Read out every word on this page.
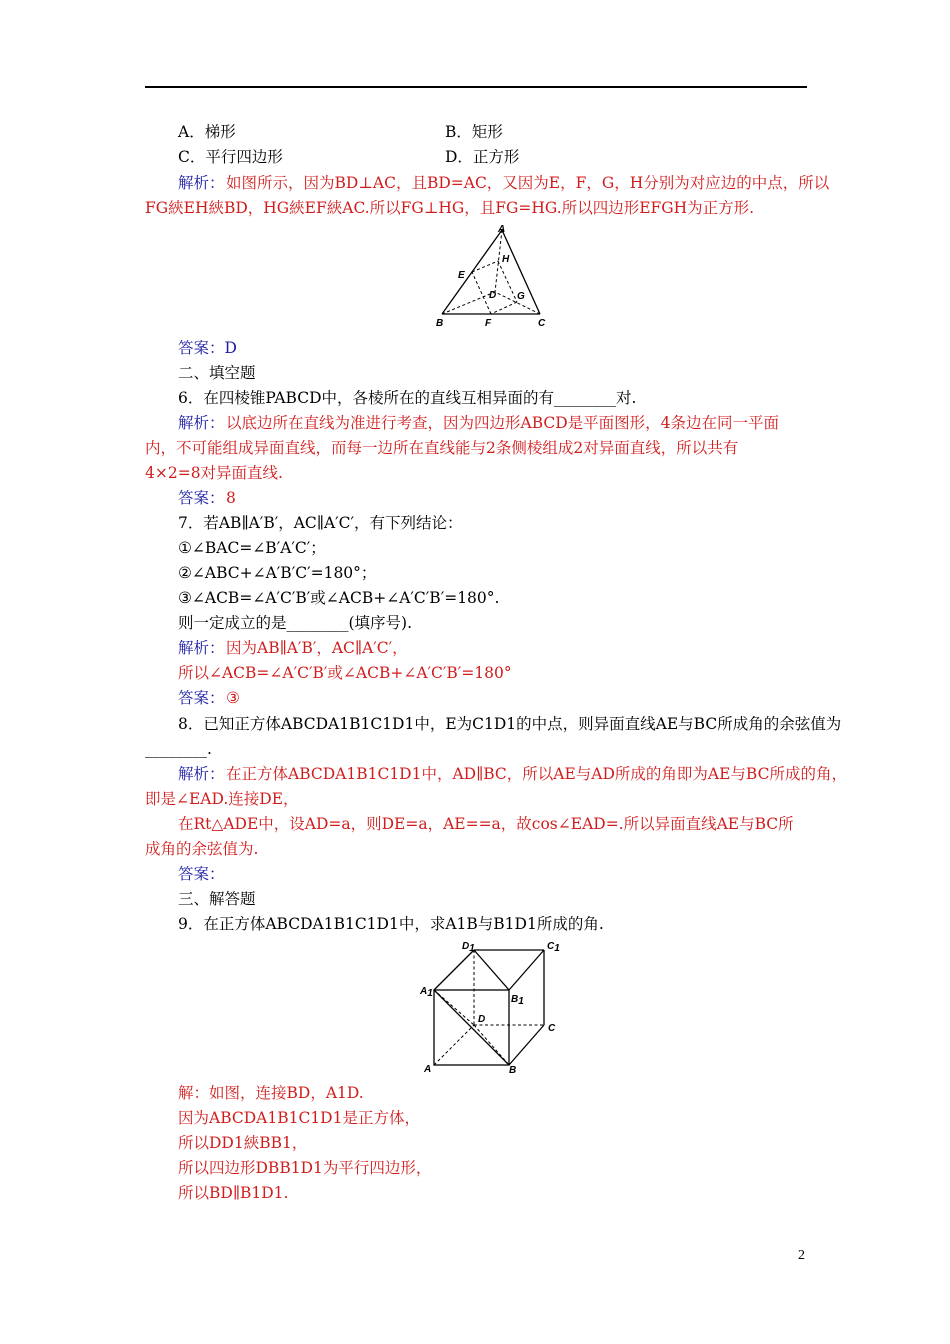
A．梯形	B．矩形
C．平行四边形	D．正方形
解析： 如图所示，因为BD⊥AC，且BD=AC，又因为E，F，G，H分别为对应边的中点，所以
FG綊EH綊BD，HG綊EF綊AC.所以FG⊥HG，且FG=HG.所以四边形EFGH为正方形.
答案：D
二、填空题
6．在四棱锥PABCD中，各棱所在的直线互相异面的有________对.
解析： 以底边所在直线为准进行考查，因为四边形ABCD是平面图形，4条边在同一平面
内，不可能组成异面直线，而每一边所在直线能与2条侧棱组成2对异面直线，所以共有
4×2=8对异面直线.
答案： 8
7．若AB∥A′B′，AC∥A′C′，有下列结论：
①∠BAC=∠B′A′C′；
②∠ABC+∠A′B′C′=180°；
③∠ACB=∠A′C′B′或∠ACB+∠A′C′B′=180°.
则一定成立的是________(填序号).
解析： 因为AB∥A′B′，AC∥A′C′，
所以∠ACB=∠A′C′B′或∠ACB+∠A′C′B′=180°
答案： ③
8．已知正方体ABCDA1B1C1D1中，E为C1D1的中点，则异面直线AE与BC所成角的余弦值为
________.
解析： 在正方体ABCDA1B1C1D1中，AD∥BC，所以AE与AD所成的角即为AE与BC所成的角，
即是∠EAD.连接DE，
在Rt△ADE中，设AD=a，则DE=a，AE==a，故cos∠EAD=.所以异面直线AE与BC所
成角的余弦值为.
答案：
三、解答题
9．在正方体ABCDA1B1C1D1中，求A1B与B1D1所成的角.
解：如图，连接BD，A1D.
因为ABCDA1B1C1D1是正方体，
所以DD1綊BB1，
所以四边形DBB1D1为平行四边形，
所以BD∥B1D1.
A
H
E
D G
B	F	C
D1	C1
A1
B1
D
C
A	B
2
